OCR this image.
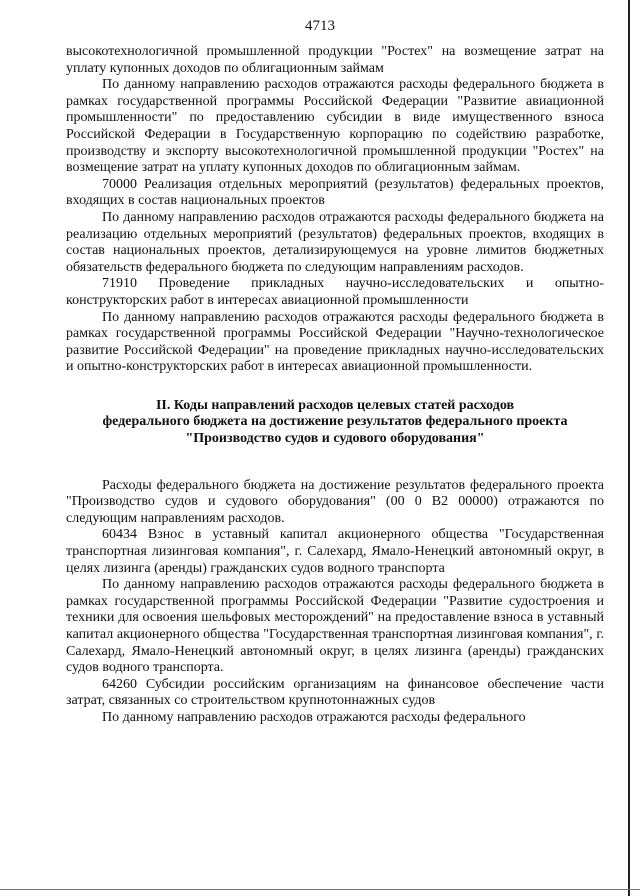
4713

высокотехнологичной промышленной продукции "Ростех" на возмещение затрат на уплату купонных доходов по облигационным займам

По данному направлению расходов отражаются расходы федерального бюджета в рамках государственной программы Российской Федерации "Развитие авиационной промышленности" по предоставлению субсидии в виде имущественного взноса Российской Федерации в Государственную корпорацию по содействию разработке, производству и экспорту высокотехнологичной промышленной продукции "Ростех" на возмещение затрат на уплату купонных доходов по облигационным займам.

70000 Реализация отдельных мероприятий (результатов) федеральных проектов, входящих в состав национальных проектов

По данному направлению расходов отражаются расходы федерального бюджета на реализацию отдельных мероприятий (результатов) федеральных проектов, входящих в состав национальных проектов, детализирующемуся на уровне лимитов бюджетных обязательств федерального бюджета по следующим направлениям расходов.

71910 Проведение прикладных научно-исследовательских и опытно-конструкторских работ в интересах авиационной промышленности

По данному направлению расходов отражаются расходы федерального бюджета в рамках государственной программы Российской Федерации "Научно-технологическое развитие Российской Федерации" на проведение прикладных научно-исследовательских и опытно-конструкторских работ в интересах авиационной промышленности.

II. Коды направлений расходов целевых статей расходов
федерального бюджета на достижение результатов федерального проекта
"Производство судов и судового оборудования"

Расходы федерального бюджета на достижение результатов федерального проекта "Производство судов и судового оборудования" (00 0 В2 00000) отражаются по следующим направлениям расходов.

60434 Взнос в уставный капитал акционерного общества "Государственная транспортная лизинговая компания", г. Салехард, Ямало-Ненецкий автономный округ, в целях лизинга (аренды) гражданских судов водного транспорта

По данному направлению расходов отражаются расходы федерального бюджета в рамках государственной программы Российской Федерации "Развитие судостроения и техники для освоения шельфовых месторождений" на предоставление взноса в уставный капитал акционерного общества "Государственная транспортная лизинговая компания", г. Салехард, Ямало-Ненецкий автономный округ, в целях лизинга (аренды) гражданских судов водного транспорта.

64260 Субсидии российским организациям на финансовое обеспечение части затрат, связанных со строительством крупнотоннажных судов

По данному направлению расходов отражаются расходы федерального
